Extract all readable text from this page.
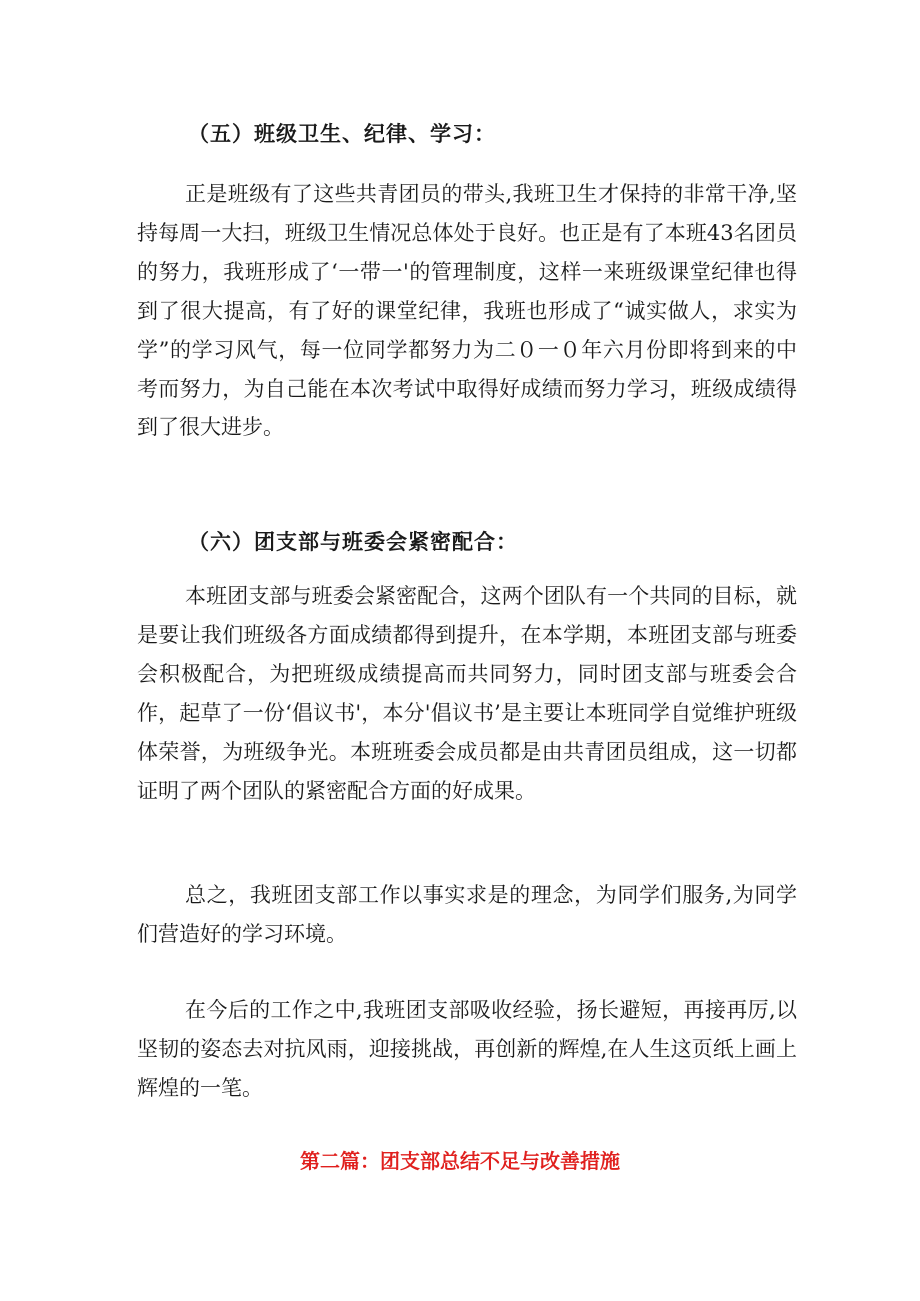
（五）班级卫生、纪律、学习：

正是班级有了这些共青团员的带头,我班卫生才保持的非常干净,坚持每周一大扫，班级卫生情况总体处于良好。也正是有了本班43名团员的努力，我班形成了‘一带一'的管理制度，这样一来班级课堂纪律也得到了很大提高，有了好的课堂纪律，我班也形成了“诚实做人，求实为学”的学习风气，每一位同学都努力为二０一０年六月份即将到来的中考而努力，为自己能在本次考试中取得好成绩而努力学习，班级成绩得到了很大进步。

（六）团支部与班委会紧密配合：

本班团支部与班委会紧密配合，这两个团队有一个共同的目标，就是要让我们班级各方面成绩都得到提升，在本学期，本班团支部与班委会积极配合，为把班级成绩提高而共同努力，同时团支部与班委会合作，起草了一份‘倡议书'，本分'倡议书’是主要让本班同学自觉维护班级体荣誉，为班级争光。本班班委会成员都是由共青团员组成，这一切都证明了两个团队的紧密配合方面的好成果。

总之，我班团支部工作以事实求是的理念，为同学们服务,为同学们营造好的学习环境。

在今后的工作之中,我班团支部吸收经验，扬长避短，再接再厉,以坚韧的姿态去对抗风雨，迎接挑战，再创新的辉煌,在人生这页纸上画上辉煌的一笔。

第二篇：团支部总结不足与改善措施
